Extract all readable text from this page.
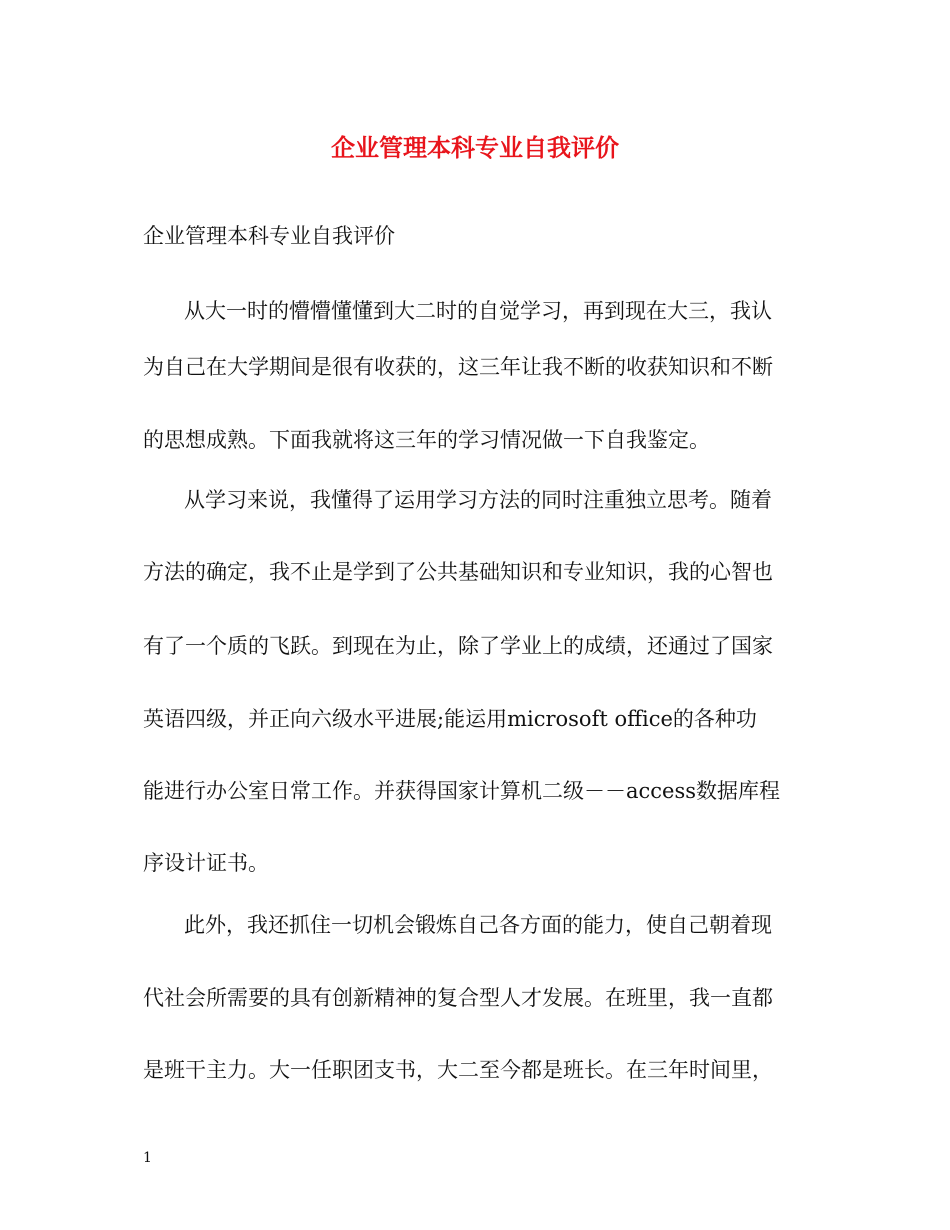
企业管理本科专业自我评价
企业管理本科专业自我评价
从大一时的懵懵懂懂到大二时的自觉学习，再到现在大三，我认
为自己在大学期间是很有收获的，这三年让我不断的收获知识和不断
的思想成熟。下面我就将这三年的学习情况做一下自我鉴定。
从学习来说，我懂得了运用学习方法的同时注重独立思考。随着
方法的确定，我不止是学到了公共基础知识和专业知识，我的心智也
有了一个质的飞跃。到现在为止，除了学业上的成绩，还通过了国家
英语四级，并正向六级水平进展;能运用microsoft office的各种功
能进行办公室日常工作。并获得国家计算机二级－－access数据库程
序设计证书。
此外，我还抓住一切机会锻炼自己各方面的能力，使自己朝着现
代社会所需要的具有创新精神的复合型人才发展。在班里，我一直都
是班干主力。大一任职团支书，大二至今都是班长。在三年时间里，
1
